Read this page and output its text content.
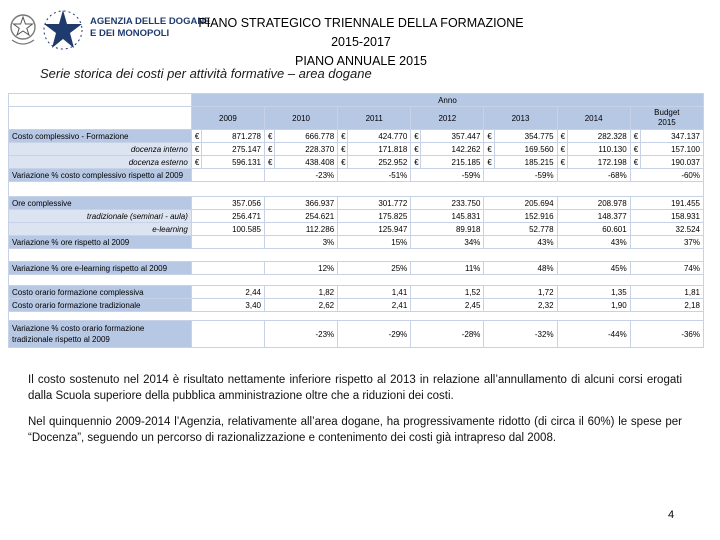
AGENZIA DELLE DOGANE
E DEI MONOPOLI
PIANO STRATEGICO TRIENNALE DELLA FORMAZIONE 2015-2017
PIANO ANNUALE 2015
Serie storica dei costi per attività formative – area dogane
	Anno													
	2009		2010		2011		2012		2013		2014		Budget
2015	
Costo complessivo - Formazione	€	871.278	€	666.778	€	424.770	€	357.447	€	354.775	€	282.328	€	347.137
docenza interno	€	275.147	€	228.370	€	171.818	€	142.262	€	169.560	€	110.130	€	157.100
docenza esterno	€	596.131	€	438.408	€	252.952	€	215.185	€	185.215	€	172.198	€	190.037
Variazione % costo complessivo rispetto al 2009			-23%		-51%		-59%		-59%		-68%		-60%	

Ore complessive	357.056		366.937		301.772		233.750		205.694		208.978		191.455	
tradizionale (seminari - aula)	256.471		254.621		175.825		145.831		152.916		148.377		158.931	
e-learning	100.585		112.286		125.947		89.918		52.778		60.601		32.524	
Variazione % ore rispetto al 2009			3%		15%		34%		43%		43%		37%	

Variazione % ore e-learning rispetto al 2009			12%		25%		11%		48%		45%		74%	

Costo orario formazione complessiva	2,44		1,82		1,41		1,52		1,72		1,35		1,81	
Costo orario formazione tradizionale	3,40		2,62		2,41		2,45		2,32		1,90		2,18	

Variazione % costo orario formazione
tradizionale rispetto al 2009			-23%		-29%		-28%		-32%		-44%		-36%	
Il costo sostenuto nel 2014 è risultato nettamente inferiore rispetto al 2013 in relazione all’annullamento di alcuni corsi erogati dalla Scuola superiore della pubblica amministrazione oltre che a riduzioni dei costi.
Nel quinquennio 2009-2014 l’Agenzia, relativamente all’area dogane, ha progressivamente ridotto (di circa il 60%) le spese per “Docenza”, seguendo un percorso di razionalizzazione e contenimento dei costi già intrapreso dal 2008.
4
